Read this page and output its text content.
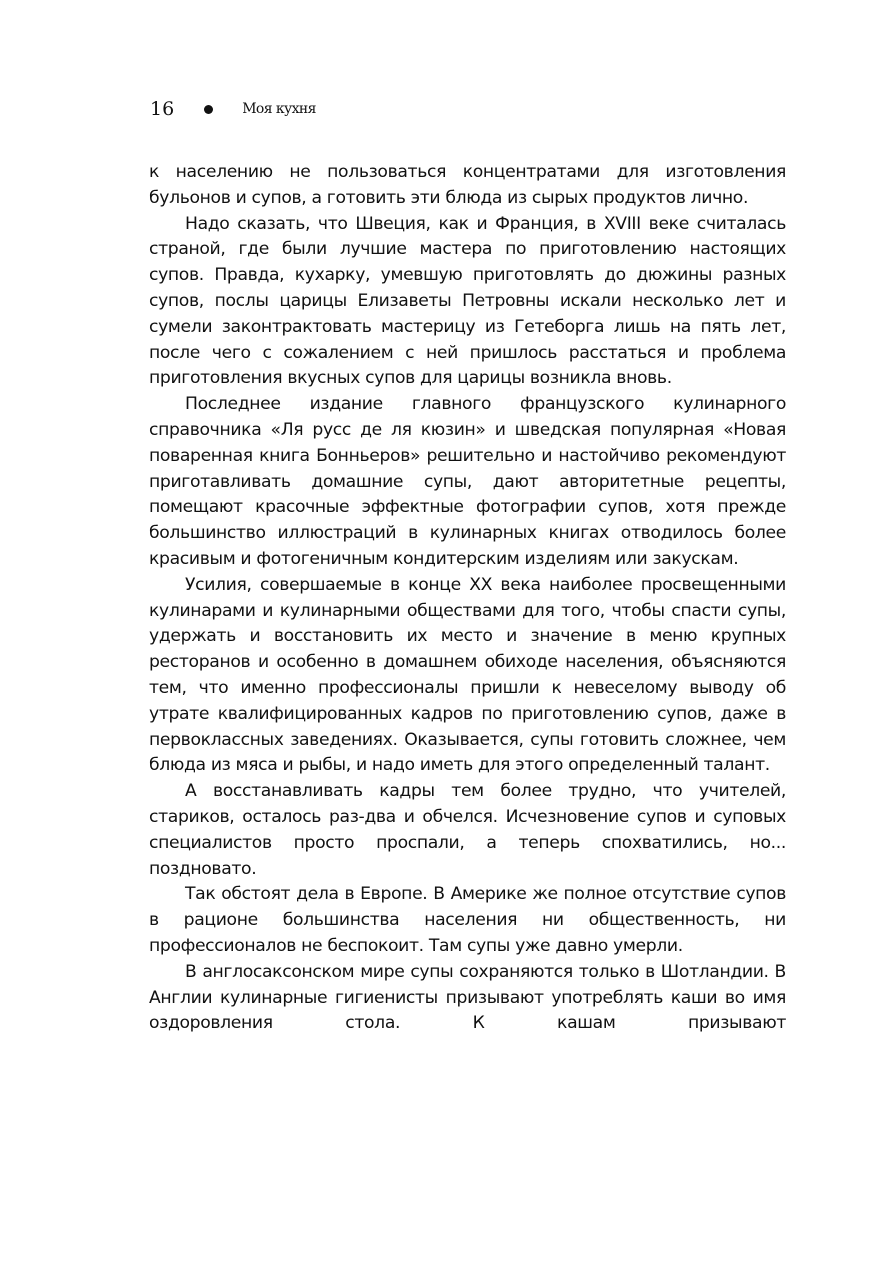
16	Моя кухня

к населению не пользоваться концентратами для изготовления бульонов и супов, а готовить эти блюда из сырых продуктов лично.

Надо сказать, что Швеция, как и Франция, в XVIII веке считалась страной, где были лучшие мастера по приготовлению настоящих супов. Правда, кухарку, умевшую приготовлять до дюжины разных супов, послы царицы Елизаветы Петровны искали несколько лет и сумели законтрактовать мастерицу из Гетеборга лишь на пять лет, после чего с сожалением с ней пришлось расстаться и проблема приготовления вкусных супов для царицы возникла вновь.

Последнее издание главного французского кулинарного справочника «Ля русс де ля кюзин» и шведская популярная «Новая поваренная книга Бонньеров» решительно и настойчиво рекомендуют приготавливать домашние супы, дают авторитетные рецепты, помещают красочные эффектные фотографии супов, хотя прежде большинство иллюстраций в кулинарных книгах отводилось более красивым и фотогеничным кондитерским изделиям или закускам.

Усилия, совершаемые в конце XX века наиболее просвещенными кулинарами и кулинарными обществами для того, чтобы спасти супы, удержать и восстановить их место и значение в меню крупных ресторанов и особенно в домашнем обиходе населения, объясняются тем, что именно профессионалы пришли к невеселому выводу об утрате квалифицированных кадров по приготовлению супов, даже в первоклассных заведениях. Оказывается, супы готовить сложнее, чем блюда из мяса и рыбы, и надо иметь для этого определенный талант.

А восстанавливать кадры тем более трудно, что учителей, стариков, осталось раз-два и обчелся. Исчезновение супов и суповых специалистов просто проспали, а теперь спохватились, но... поздновато.

Так обстоят дела в Европе. В Америке же полное отсутствие супов в рационе большинства населения ни общественность, ни профессионалов не беспокоит. Там супы уже давно умерли.

В англосаксонском мире супы сохраняются только в Шотландии. В Англии кулинарные гигиенисты призывают употреблять каши во имя оздоровления стола. К кашам призывают
